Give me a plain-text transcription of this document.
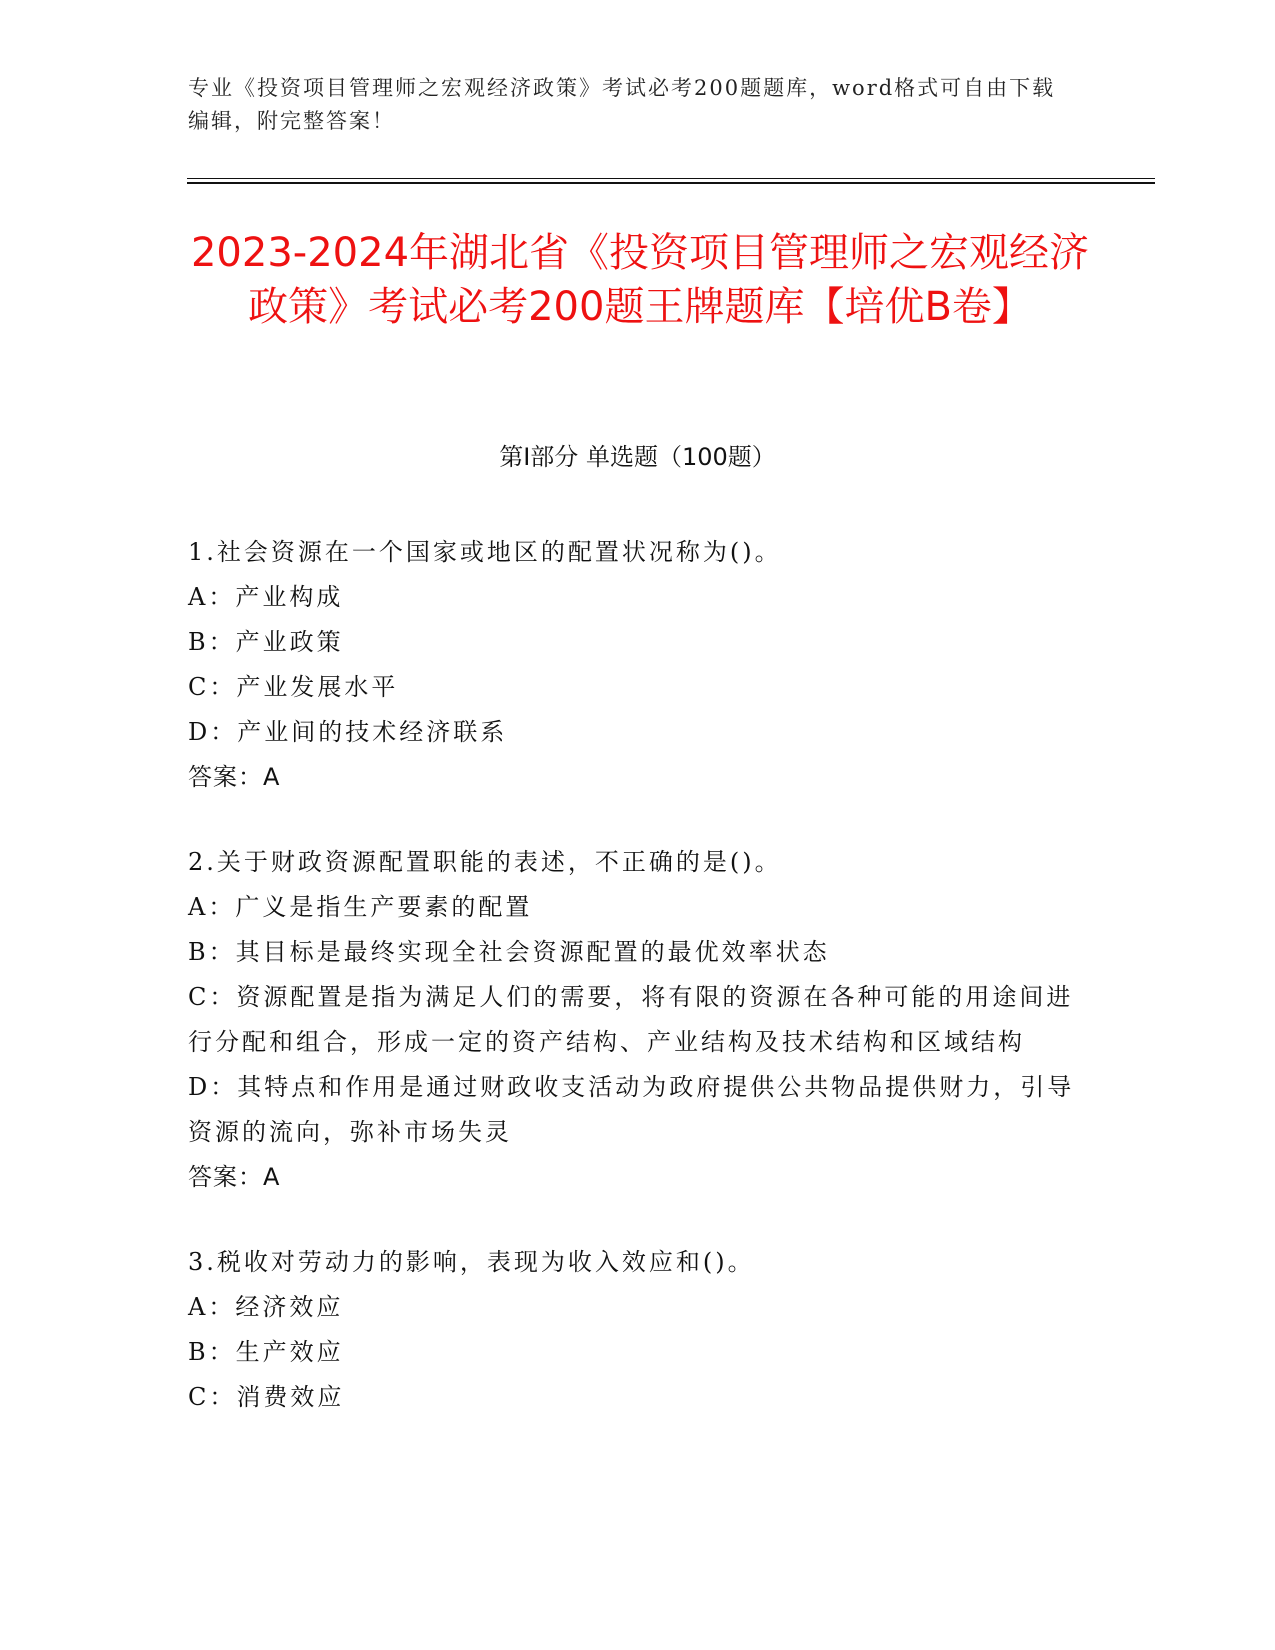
专业《投资项目管理师之宏观经济政策》考试必考200题题库，word格式可自由下载编辑，附完整答案！
2023-2024年湖北省《投资项目管理师之宏观经济政策》考试必考200题王牌题库【培优B卷】
第I部分 单选题（100题）

1.社会资源在一个国家或地区的配置状况称为()。

A：产业构成

B：产业政策

C：产业发展水平

D：产业间的技术经济联系

答案：A

2.关于财政资源配置职能的表述，不正确的是()。

A：广义是指生产要素的配置

B：其目标是最终实现全社会资源配置的最优效率状态

C：资源配置是指为满足人们的需要，将有限的资源在各种可能的用途间进行分配和组合，形成一定的资产结构、产业结构及技术结构和区域结构

D：其特点和作用是通过财政收支活动为政府提供公共物品提供财力，引导资源的流向，弥补市场失灵

答案：A

3.税收对劳动力的影响，表现为收入效应和()。

A：经济效应

B：生产效应

C：消费效应
